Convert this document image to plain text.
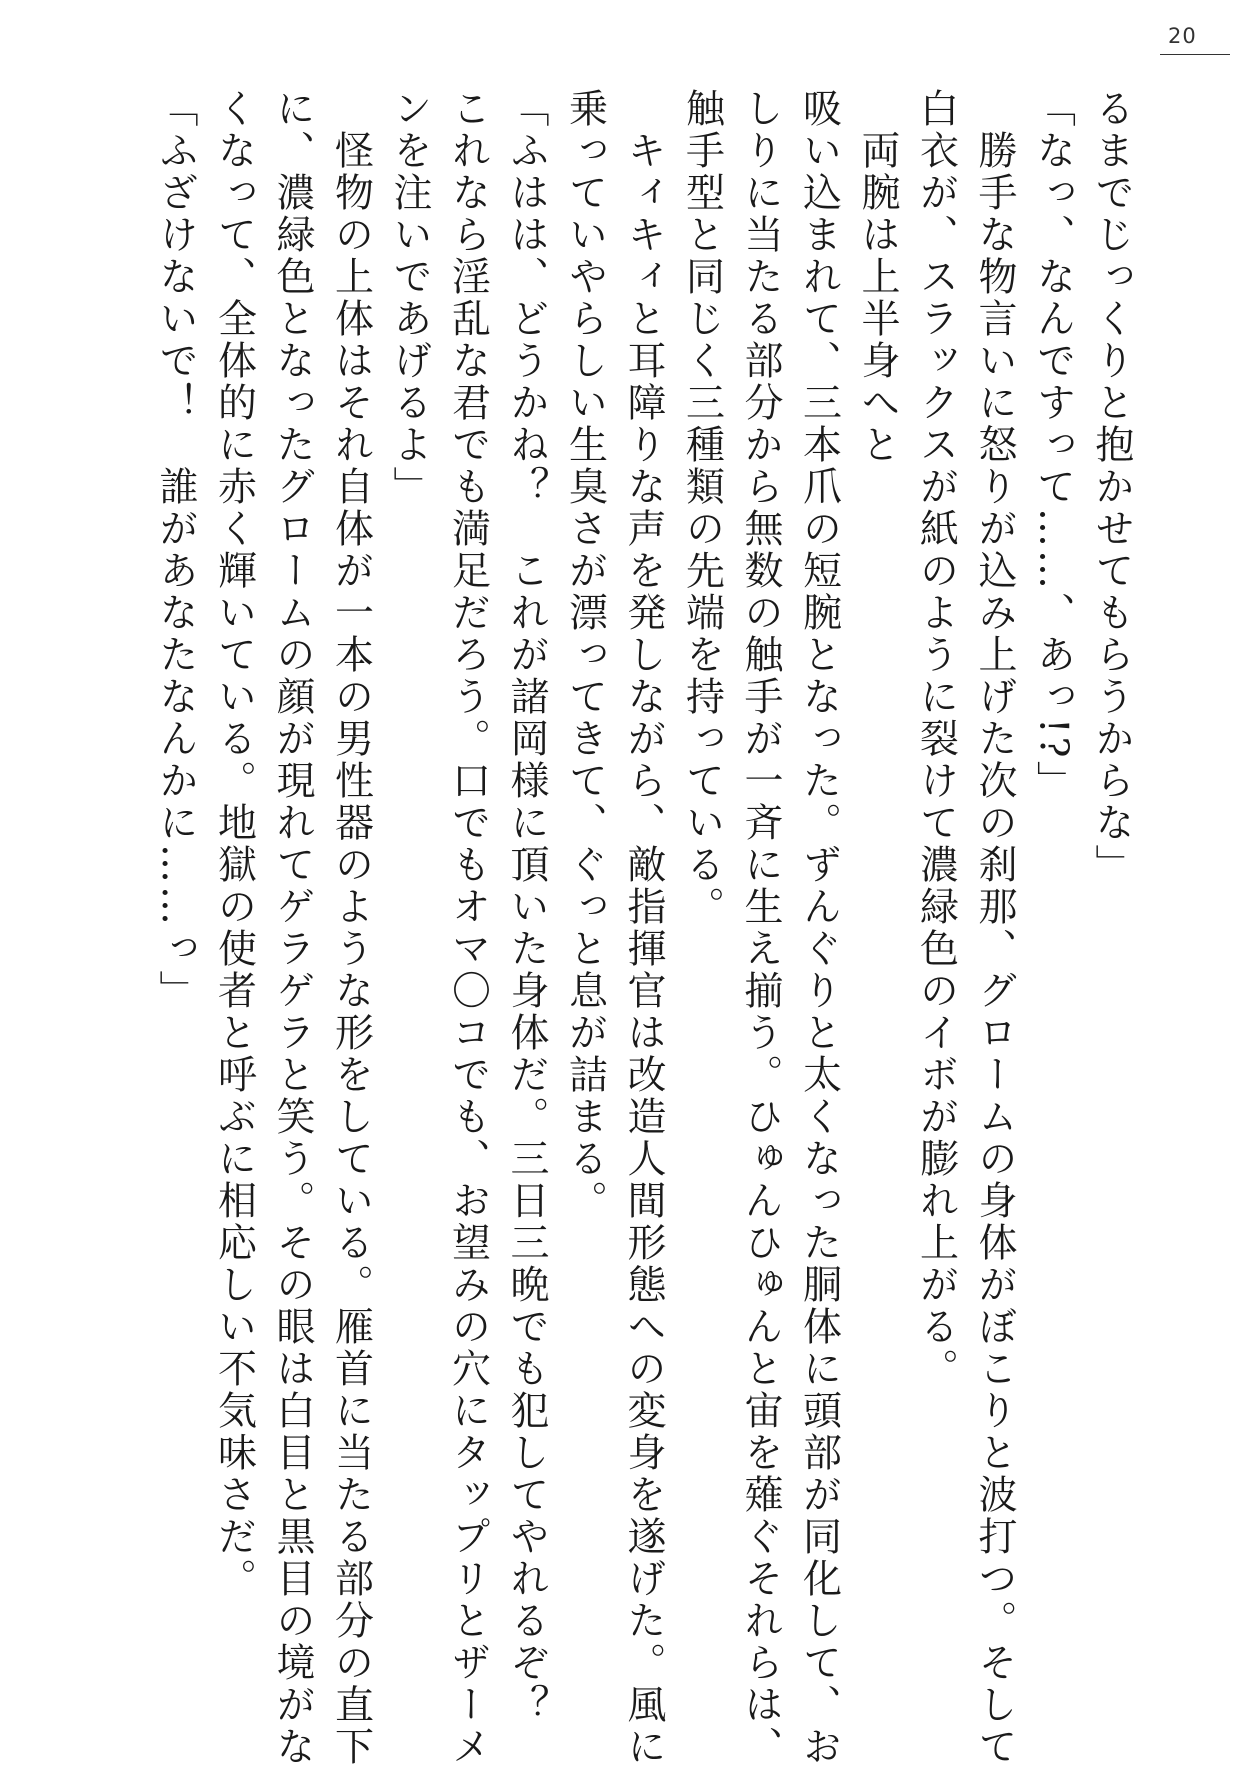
20

るまでじっくりと抱かせてもらうからな」

「なっ、なんですって……、あっ!?」

　勝手な物言いに怒りが込み上げた次の刹那、グロームの身体がぼこりと波打つ。そして

白衣が、スラックスが紙のように裂けて濃緑色のイボが膨れ上がる。

　両腕は上半身へと

吸い込まれて、三本爪の短腕となった。ずんぐりと太くなった胴体に頭部が同化して、お

しりに当たる部分から無数の触手が一斉に生え揃う。ひゅんひゅんと宙を薙ぐそれらは、

触手型と同じく三種類の先端を持っている。

　キィキィと耳障りな声を発しながら、敵指揮官は改造人間形態への変身を遂げた。風に

乗っていやらしい生臭さが漂ってきて、ぐっと息が詰まる。

「ふはは、どうかね？　これが諸岡様に頂いた身体だ。三日三晩でも犯してやれるぞ？

これなら淫乱な君でも満足だろう。口でもオマ〇コでも、お望みの穴にタップリとザーメ

ンを注いであげるよ」

　怪物の上体はそれ自体が一本の男性器のような形をしている。雁首に当たる部分の直下

に、濃緑色となったグロームの顔が現れてゲラゲラと笑う。その眼は白目と黒目の境がな

くなって、全体的に赤く輝いている。地獄の使者と呼ぶに相応しい不気味さだ。

「ふざけないで！　誰があなたなんかに……っ」
